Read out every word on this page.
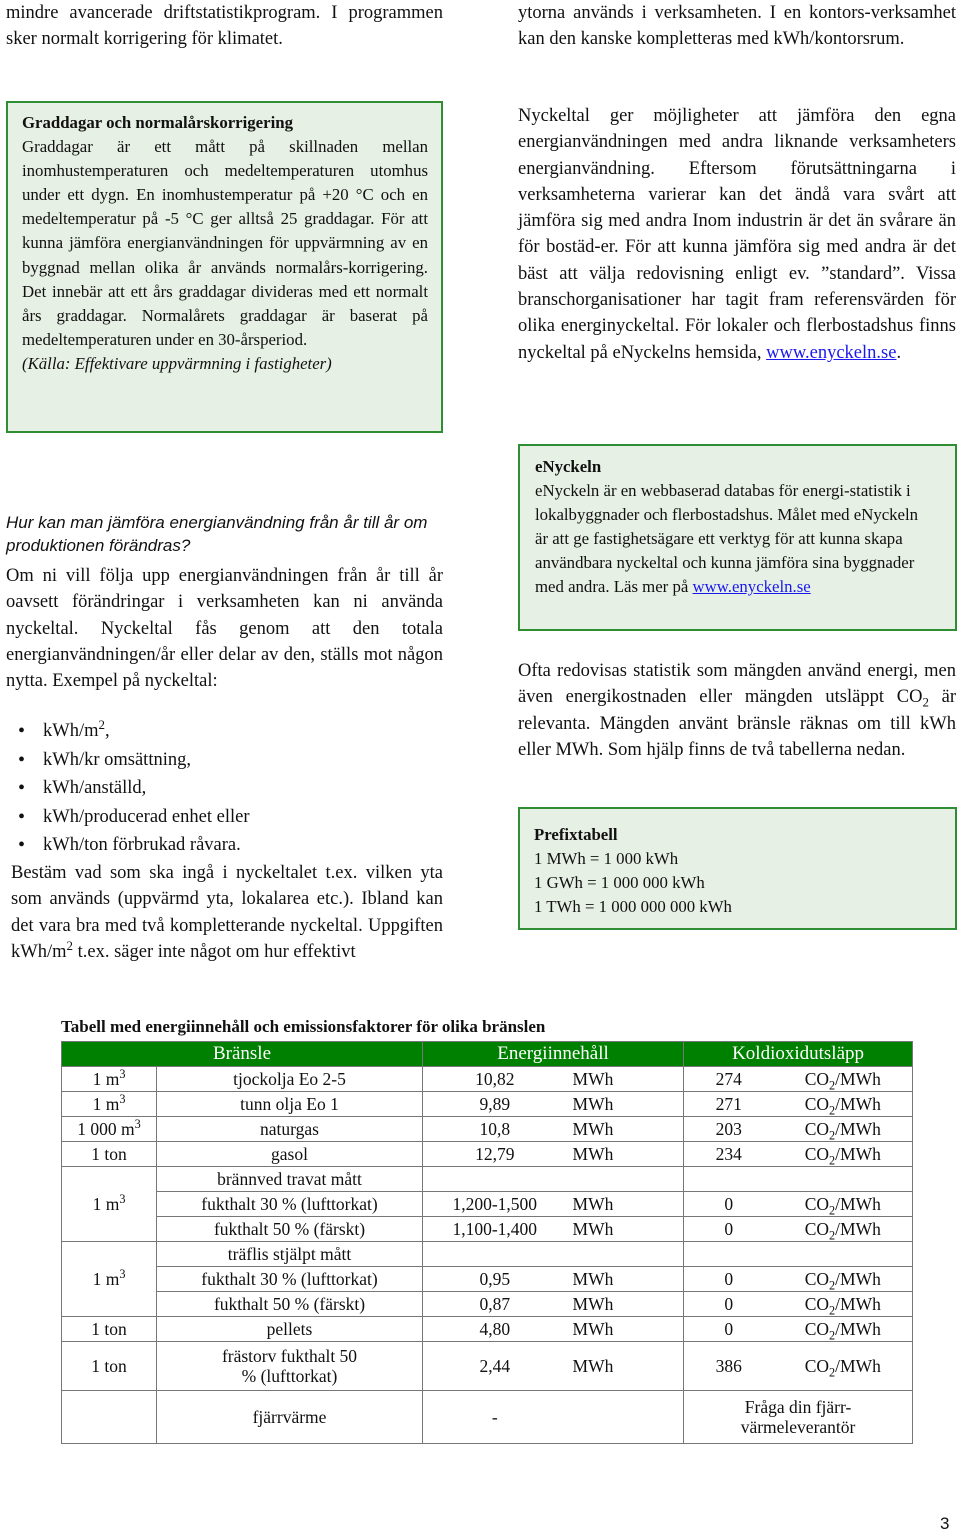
mindre avancerade driftstatistikprogram. I programmen sker normalt korrigering för klimatet.
Graddagar och normalårskorrigering
Graddagar är ett mått på skillnaden mellan inomhustemperaturen och medeltemperaturen utomhus under ett dygn. En inomhustemperatur på +20 °C och en medeltemperatur på -5 °C ger alltså 25 graddagar. För att kunna jämföra energianvändningen för uppvärmning av en byggnad mellan olika år används normalårs-korrigering. Det innebär att ett års graddagar divideras med ett normalt års graddagar. Normalårets graddagar är baserat på medeltemperaturen under en 30-årsperiod.
(Källa: Effektivare uppvärmning i fastigheter)
Hur kan man jämföra energianvändning från år till år om produktionen förändras?
Om ni vill följa upp energianvändningen från år till år oavsett förändringar i verksamheten kan ni använda nyckeltal. Nyckeltal fås genom att den totala energianvändningen/år eller delar av den, ställs mot någon nytta. Exempel på nyckeltal:
• kWh/$m^2$,
• kWh/kr omsättning,
• kWh/anställd,
• kWh/producerad enhet eller
• kWh/ton förbrukad råvara.
Bestäm vad som ska ingå i nyckeltalet t.ex. vilken yta som används (uppvärmd yta, lokalarea etc.). Ibland kan det vara bra med två kompletterande nyckeltal. Uppgiften kWh/$m^2$ t.ex. säger inte något om hur effektivt
ytorna används i verksamheten. I en kontors-verksamhet kan den kanske kompletteras med kWh/kontorsrum.
Nyckeltal ger möjligheter att jämföra den egna energianvändningen med andra liknande verksamheters energianvändning. Eftersom förutsättningarna i verksamheterna varierar kan det ändå vara svårt att jämföra sig med andra Inom industrin är det än svårare än för bostäd-er. För att kunna jämföra sig med andra är det bäst att välja redovisning enligt ev. ”standard”. Vissa branschorganisationer har tagit fram referensvärden för olika energinyckeltal. För lokaler och flerbostadshus finns nyckeltal på eNyckelns hemsida, www.enyckeln.se.
eNyckeln
eNyckeln är en webbaserad databas för energi-statistik i lokalbyggnader och flerbostadshus. Målet med eNyckeln är att ge fastighetsägare ett verktyg för att kunna skapa användbara nyckeltal och kunna jämföra sina byggnader med andra. Läs mer på www.enyckeln.se
Ofta redovisas statistik som mängden använd energi, men även energikostnaden eller mängden utsläppt $CO_2$ är relevanta. Mängden använt bränsle räknas om till kWh eller MWh. Som hjälp finns de två tabellerna nedan.
Prefixtabell
1 MWh = 1 000 kWh
1 GWh = 1 000 000 kWh
1 TWh = 1 000 000 000 kWh
Tabell med energiinnehåll och emissionsfaktorer för olika bränslen
Bränsle		Energiinnehåll		Koldioxidutsläpp	
1 $m^3$	tjockolja Eo 2-5	10,82	MWh	274	$CO_2$/MWh
1 $m^3$	tunn olja Eo 1	9,89	MWh	271	$CO_2$/MWh
1 000 $m^3$	naturgas	10,8	MWh	203	$CO_2$/MWh
1 ton	gasol	12,79	MWh	234	$CO_2$/MWh
1 $m^3$	brännved travat mått				
	fukthalt 30 % (lufttorkat)	1,200-1,500	MWh	0	$CO_2$/MWh
	fukthalt 50 % (färskt)	1,100-1,400	MWh	0	$CO_2$/MWh
1 $m^3$	träflis stjälpt mått				
	fukthalt 30 % (lufttorkat)	0,95	MWh	0	$CO_2$/MWh
	fukthalt 50 % (färskt)	0,87	MWh	0	$CO_2$/MWh
1 ton	pellets	4,80	MWh	0	$CO_2$/MWh
1 ton	frästorv fukthalt 50 % (lufttorkat)	2,44	MWh	386	$CO_2$/MWh
	fjärrvärme	-		Fråga din fjärr-värmeleverantör	
3
